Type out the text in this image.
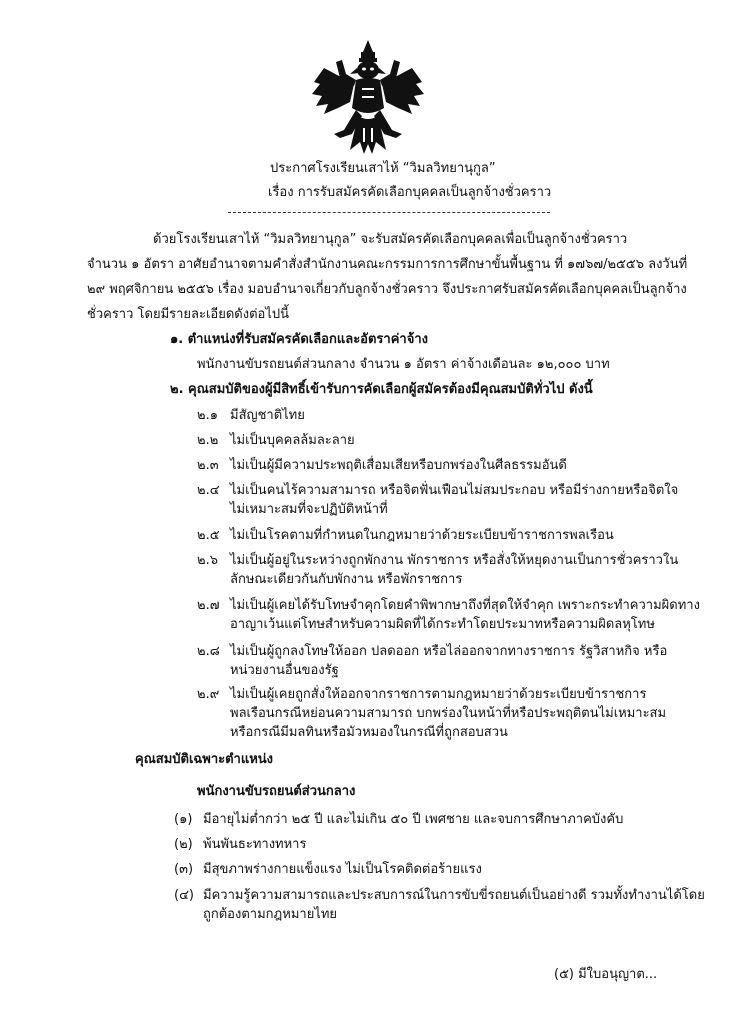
ประกาศโรงเรียนเสาไห้ “วิมลวิทยานุกูล”
เรื่อง การรับสมัครคัดเลือกบุคคลเป็นลูกจ้างชั่วคราว
ด้วยโรงเรียนเสาไห้ “วิมลวิทยานุกูล” จะรับสมัครคัดเลือกบุคคลเพื่อเป็นลูกจ้างชั่วคราว
จำนวน ๑ อัตรา อาศัยอำนาจตามคำสั่งสำนักงานคณะกรรมการการศึกษาขั้นพื้นฐาน ที่ ๑๗๖๗/๒๕๕๖ ลงวันที่
๒๙ พฤศจิกายน ๒๕๕๖ เรื่อง มอบอำนาจเกี่ยวกับลูกจ้างชั่วคราว จึงประกาศรับสมัครคัดเลือกบุคคลเป็นลูกจ้าง
ชั่วคราว โดยมีรายละเอียดดังต่อไปนี้
๑. ตำแหน่งที่รับสมัครคัดเลือกและอัตราค่าจ้าง
พนักงานขับรถยนต์ส่วนกลาง จำนวน ๑ อัตรา ค่าจ้างเดือนละ ๑๒,๐๐๐ บาท
๒. คุณสมบัติของผู้มีสิทธิ์เข้ารับการคัดเลือกผู้สมัครต้องมีคุณสมบัติทั่วไป ดังนี้
๒.๑ มีสัญชาติไทย
๒.๒ ไม่เป็นบุคคลล้มละลาย
๒.๓ ไม่เป็นผู้มีความประพฤติเสื่อมเสียหรือบกพร่องในศีลธรรมอันดี
๒.๔ ไม่เป็นคนไร้ความสามารถ หรือจิตฟั่นเฟือนไม่สมประกอบ หรือมีร่างกายหรือจิตใจ
ไม่เหมาะสมที่จะปฏิบัติหน้าที่
๒.๕ ไม่เป็นโรคตามที่กำหนดในกฎหมายว่าด้วยระเบียบข้าราชการพลเรือน
๒.๖ ไม่เป็นผู้อยู่ในระหว่างถูกพักงาน พักราชการ หรือสั่งให้หยุดงานเป็นการชั่วคราวใน
ลักษณะเดียวกันกับพักงาน หรือพักราชการ
๒.๗ ไม่เป็นผู้เคยได้รับโทษจำคุกโดยคำพิพากษาถึงที่สุดให้จำคุก เพราะกระทำความผิดทาง
อาญาเว้นแต่โทษสำหรับความผิดที่ได้กระทำโดยประมาทหรือความผิดลหุโทษ
๒.๘ ไม่เป็นผู้ถูกลงโทษให้ออก ปลดออก หรือไล่ออกจากทางราชการ รัฐวิสาหกิจ หรือ
หน่วยงานอื่นของรัฐ
๒.๙ ไม่เป็นผู้เคยถูกสั่งให้ออกจากราชการตามกฎหมายว่าด้วยระเบียบข้าราชการ
พลเรือนกรณีหย่อนความสามารถ บกพร่องในหน้าที่หรือประพฤติตนไม่เหมาะสม
หรือกรณีมีมลทินหรือมัวหมองในกรณีที่ถูกสอบสวน
คุณสมบัติเฉพาะตำแหน่ง
พนักงานขับรถยนต์ส่วนกลาง
(๑) มีอายุไม่ต่ำกว่า ๒๕ ปี และไม่เกิน ๕๐ ปี เพศชาย และจบการศึกษาภาคบังคับ
(๒) พ้นพันธะทางทหาร
(๓) มีสุขภาพร่างกายแข็งแรง ไม่เป็นโรคติดต่อร้ายแรง
(๔) มีความรู้ความสามารถและประสบการณ์ในการขับขี่รถยนต์เป็นอย่างดี รวมทั้งทำงานได้โดย
ถูกต้องตามกฎหมายไทย
(๕) มีใบอนุญาต...
